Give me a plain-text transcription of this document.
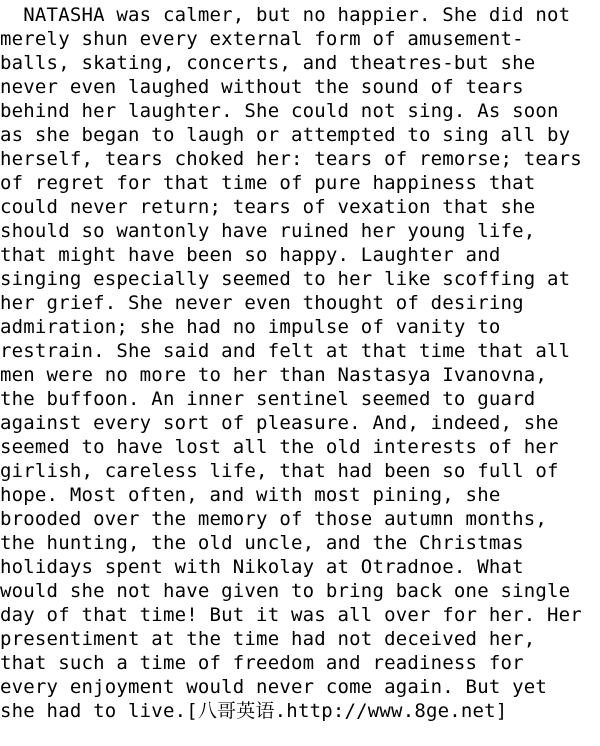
NATASHA was calmer, but no happier. She did not
merely shun every external form of amusement-
balls, skating, concerts, and theatres-but she
never even laughed without the sound of tears
behind her laughter. She could not sing. As soon
as she began to laugh or attempted to sing all by
herself, tears choked her: tears of remorse; tears
of regret for that time of pure happiness that
could never return; tears of vexation that she
should so wantonly have ruined her young life,
that might have been so happy. Laughter and
singing especially seemed to her like scoffing at
her grief. She never even thought of desiring
admiration; she had no impulse of vanity to
restrain. She said and felt at that time that all
men were no more to her than Nastasya Ivanovna,
the buffoon. An inner sentinel seemed to guard
against every sort of pleasure. And, indeed, she
seemed to have lost all the old interests of her
girlish, careless life, that had been so full of
hope. Most often, and with most pining, she
brooded over the memory of those autumn months,
the hunting, the old uncle, and the Christmas
holidays spent with Nikolay at Otradnoe. What
would she not have given to bring back one single
day of that time! But it was all over for her. Her
presentiment at the time had not deceived her,
that such a time of freedom and readiness for
every enjoyment would never come again. But yet
she had to live.[八哥英语.http://www.8ge.net]
